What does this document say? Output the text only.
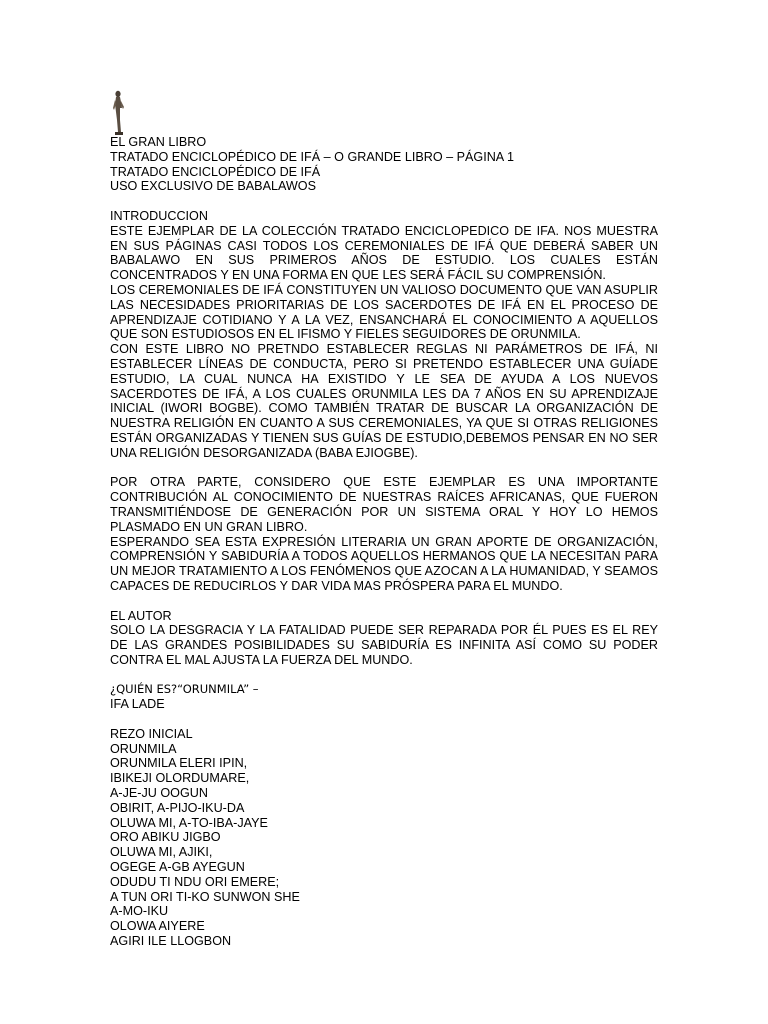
EL GRAN LIBRO
TRATADO ENCICLOPÉDICO DE IFÁ – O GRANDE LIBRO – PÁGINA 1
TRATADO ENCICLOPÉDICO DE IFÁ
USO EXCLUSIVO DE BABALAWOS
INTRODUCCION
ESTE EJEMPLAR DE LA COLECCIÓN TRATADO ENCICLOPEDICO DE IFA. NOS MUESTRA EN SUS PÁGINAS CASI TODOS LOS CEREMONIALES DE IFÁ QUE DEBERÁ SABER UN BABALAWO EN SUS PRIMEROS AÑOS DE ESTUDIO. LOS CUALES ESTÁN CONCENTRADOS Y EN UNA FORMA EN QUE LES SERÁ FÁCIL SU COMPRENSIÓN.
LOS CEREMONIALES DE IFÁ CONSTITUYEN UN VALIOSO DOCUMENTO QUE VAN ASUPLIR LAS NECESIDADES PRIORITARIAS DE LOS SACERDOTES DE IFÁ EN EL PROCESO DE APRENDIZAJE COTIDIANO Y A LA VEZ, ENSANCHARÁ EL CONOCIMIENTO A AQUELLOS QUE SON ESTUDIOSOS EN EL IFISMO Y FIELES SEGUIDORES DE ORUNMILA.
CON ESTE LIBRO NO PRETNDO ESTABLECER REGLAS NI PARÁMETROS DE IFÁ, NI ESTABLECER LÍNEAS DE CONDUCTA, PERO SI PRETENDO ESTABLECER UNA GUÍADE ESTUDIO, LA CUAL NUNCA HA EXISTIDO Y LE SEA DE AYUDA A LOS NUEVOS SACERDOTES DE IFÁ, A LOS CUALES ORUNMILA LES DA 7 AÑOS EN SU APRENDIZAJE INICIAL (IWORI BOGBE). COMO TAMBIÉN TRATAR DE BUSCAR LA ORGANIZACIÓN DE NUESTRA RELIGIÓN EN CUANTO A SUS CEREMONIALES, YA QUE SI OTRAS RELIGIONES ESTÁN ORGANIZADAS Y TIENEN SUS GUÍAS DE ESTUDIO,DEBEMOS PENSAR EN NO SER UNA RELIGIÓN DESORGANIZADA (BABA EJIOGBE).
POR OTRA PARTE, CONSIDERO QUE ESTE EJEMPLAR ES UNA IMPORTANTE CONTRIBUCIÓN AL CONOCIMIENTO DE NUESTRAS RAÍCES AFRICANAS, QUE FUERON TRANSMITIÉNDOSE DE GENERACIÓN POR UN SISTEMA ORAL Y HOY LO HEMOS PLASMADO EN UN GRAN LIBRO.
ESPERANDO SEA ESTA EXPRESIÓN LITERARIA UN GRAN APORTE DE ORGANIZACIÓN, COMPRENSIÓN Y SABIDURÍA A TODOS AQUELLOS HERMANOS QUE LA NECESITAN PARA UN MEJOR TRATAMIENTO A LOS FENÓMENOS QUE AZOCAN A LA HUMANIDAD, Y SEAMOS CAPACES DE REDUCIRLOS Y DAR VIDA MAS PRÓSPERA PARA EL MUNDO.
EL AUTOR
SOLO LA DESGRACIA Y LA FATALIDAD PUEDE SER REPARADA POR ÉL PUES ES EL REY DE LAS GRANDES POSIBILIDADES SU SABIDURÍA ES INFINITA ASÍ COMO SU PODER CONTRA EL MAL AJUSTA LA FUERZA DEL MUNDO.
¿QUIÉN ES?“ORUNMILA” –
IFA LADE
REZO INICIAL
ORUNMILA
ORUNMILA ELERI IPIN,
IBIKEJI OLORDUMARE,
A-JE-JU OOGUN
OBIRIT, A-PIJO-IKU-DA
OLUWA MI, A-TO-IBA-JAYE
ORO ABIKU JIGBO
OLUWA MI, AJIKI,
OGEGE A-GB AYEGUN
ODUDU TI NDU ORI EMERE;
A TUN ORI TI-KO SUNWON SHE
A-MO-IKU
OLOWA AIYERE
AGIRI ILE LLOGBON
